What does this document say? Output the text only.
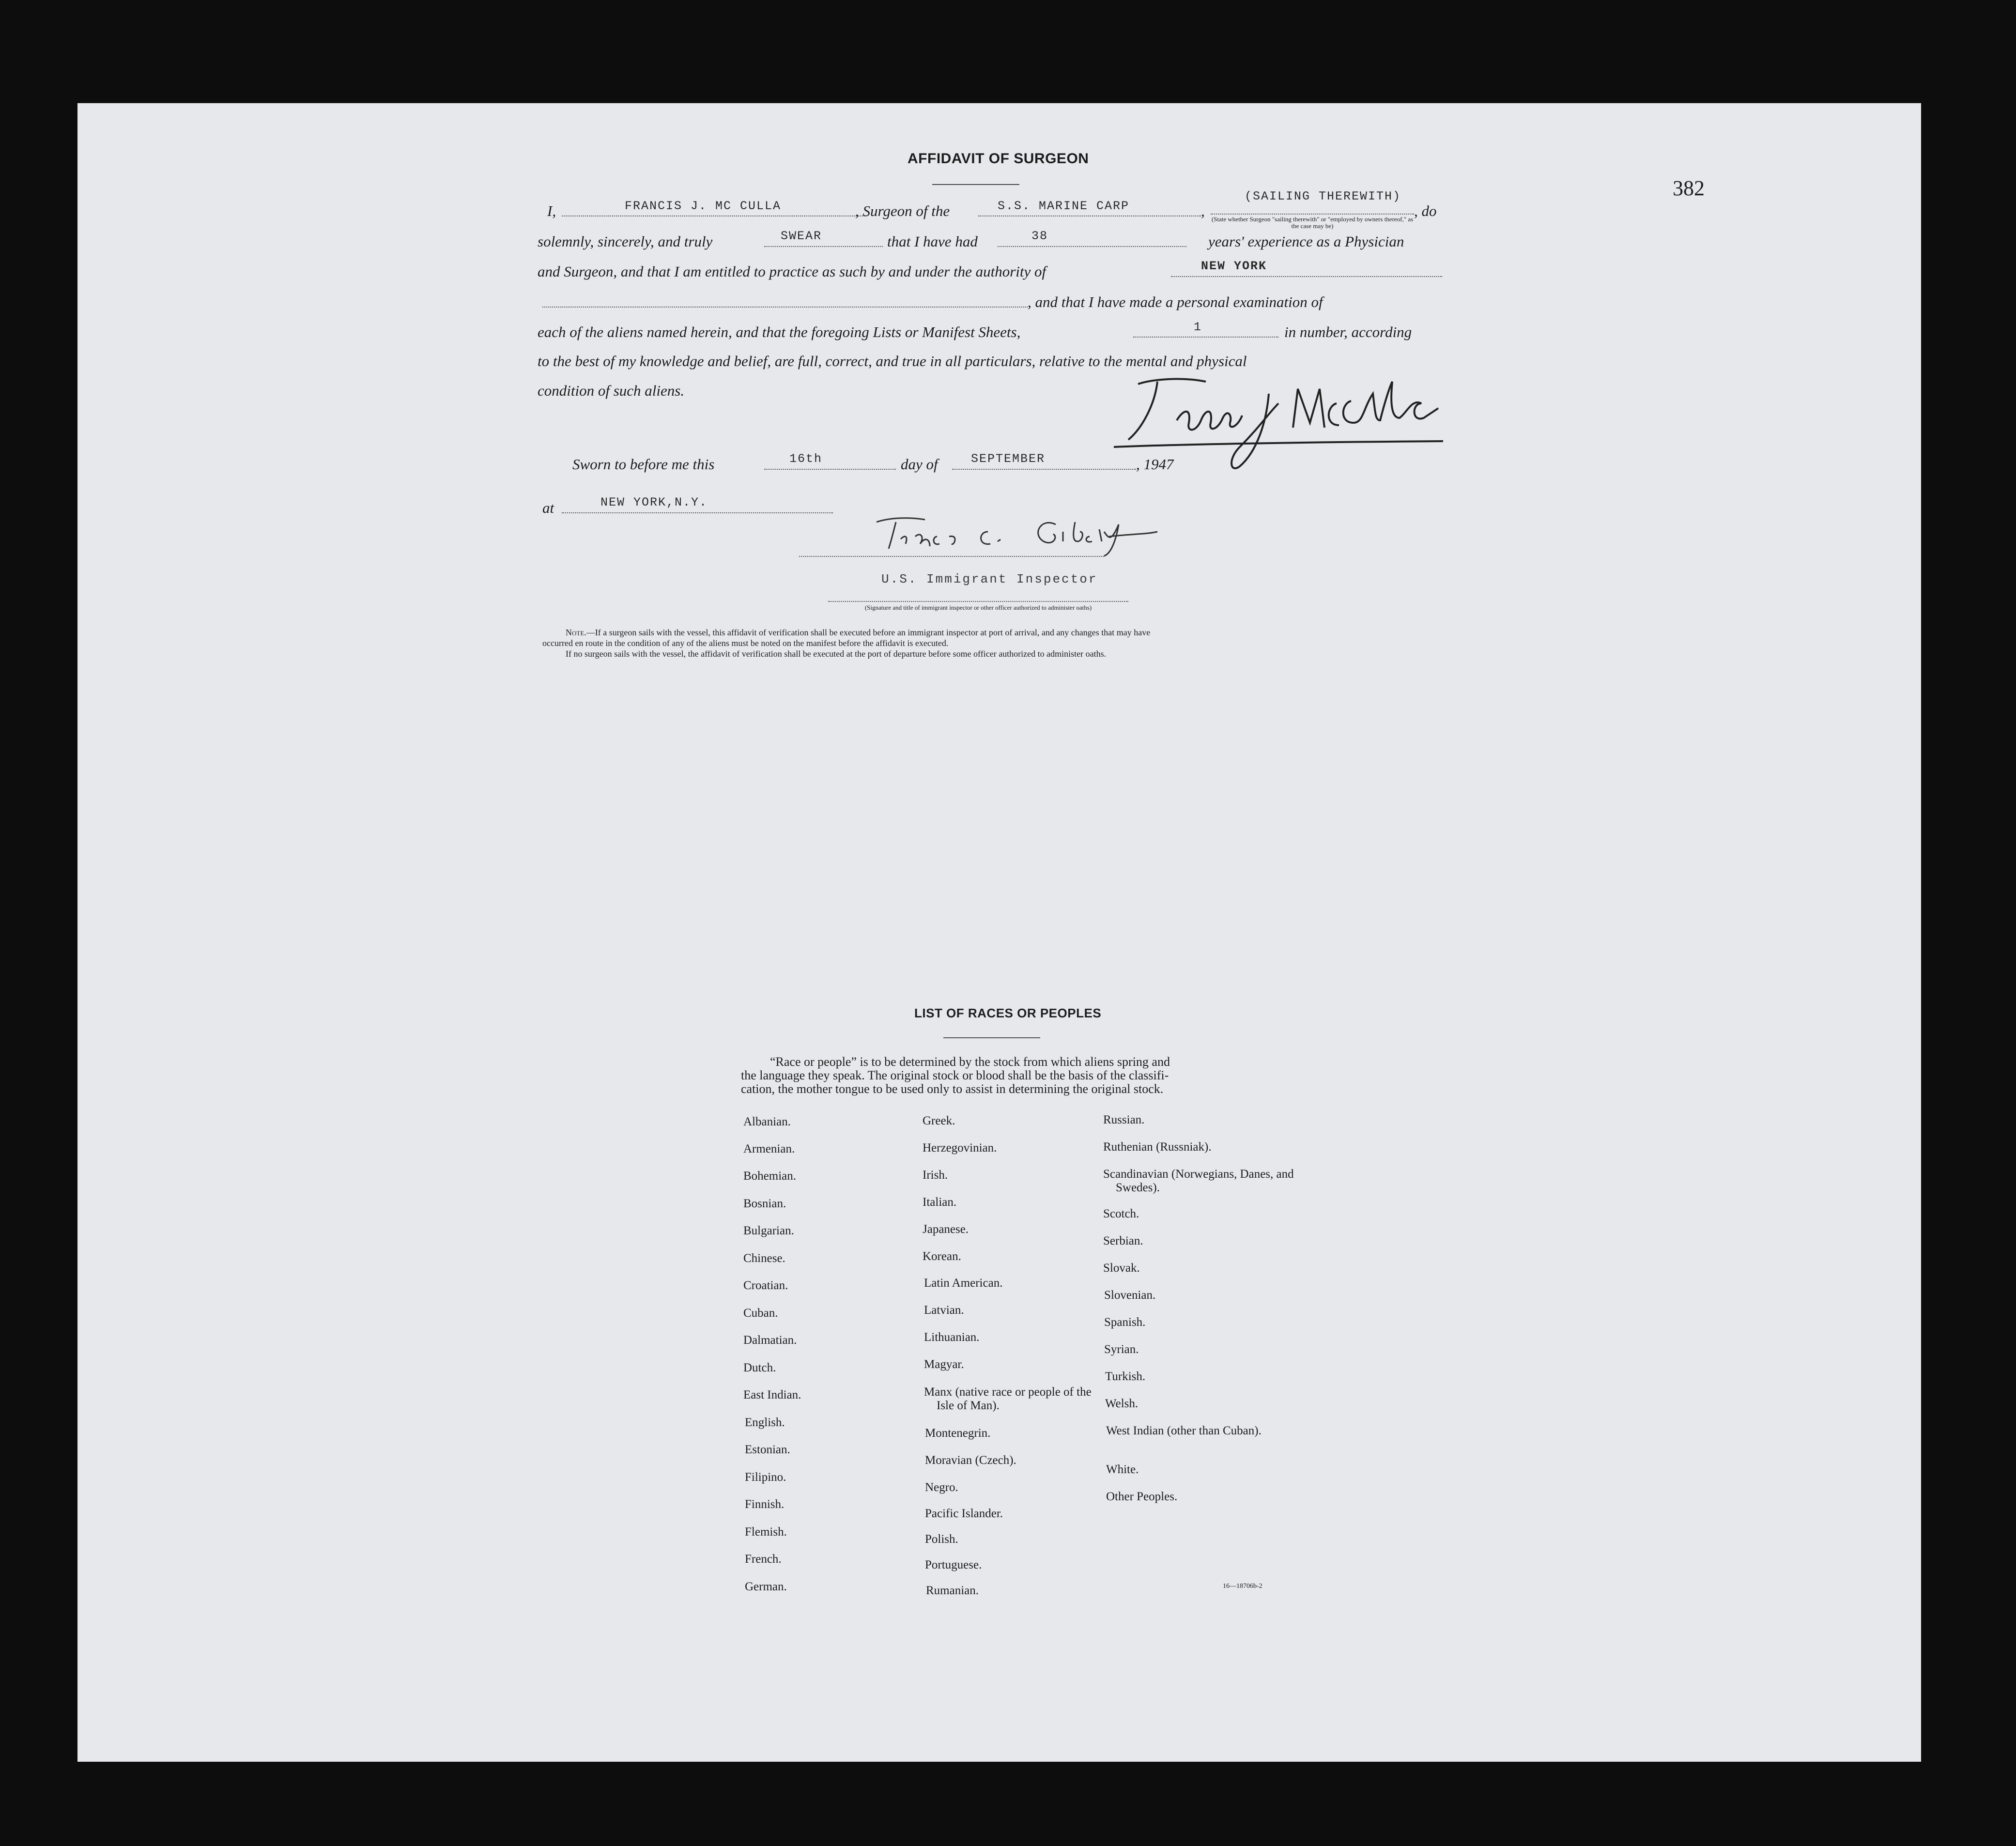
382
AFFIDAVIT OF SURGEON
I,	FRANCIS J. MC CULLA	, Surgeon of the	S.S. MARINE CARP	,
(SAILING THEREWITH)
(State whether Surgeon "sailing therewith" or "employed by owners thereof," as the case may be)
, do
solemnly, sincerely, and truly	SWEAR	that I have had	38	years' experience as a Physician
and Surgeon, and that I am entitled to practice as such by and under the authority of	NEW YORK
, and that I have made a personal examination of
each of the aliens named herein, and that the foregoing Lists or Manifest Sheets,	1	in number, according
to the best of my knowledge and belief, are full, correct, and true in all particulars, relative to the mental and physical
condition of such aliens.
Sworn to before me this	16th	day of	SEPTEMBER	, 1947
at	NEW YORK,N.Y.
U.S. Immigrant Inspector
(Signature and title of immigrant inspector or other officer authorized to administer oaths)
Note.—If a surgeon sails with the vessel, this affidavit of verification shall be executed before an immigrant inspector at port of arrival, and any changes that may have
occurred en route in the condition of any of the aliens must be noted on the manifest before the affidavit is executed.
If no surgeon sails with the vessel, the affidavit of verification shall be executed at the port of departure before some officer authorized to administer oaths.
LIST OF RACES OR PEOPLES
“Race or people” is to be determined by the stock from which aliens spring and
the language they speak. The original stock or blood shall be the basis of the classifi-
cation, the mother tongue to be used only to assist in determining the original stock.
Albanian.
Armenian.
Bohemian.
Bosnian.
Bulgarian.
Chinese.
Croatian.
Cuban.
Dalmatian.
Dutch.
East Indian.
English.
Estonian.
Filipino.
Finnish.
Flemish.
French.
German.
Greek.
Herzegovinian.
Irish.
Italian.
Japanese.
Korean.
Latin American.
Latvian.
Lithuanian.
Magyar.
Manx (native race or people of the Isle of Man).
Montenegrin.
Moravian (Czech).
Negro.
Pacific Islander.
Polish.
Portuguese.
Rumanian.
Russian.
Ruthenian (Russniak).
Scandinavian (Norwegians, Danes, and Swedes).
Scotch.
Serbian.
Slovak.
Slovenian.
Spanish.
Syrian.
Turkish.
Welsh.
West Indian (other than Cuban).
White.
Other Peoples.
16—18706b-2
